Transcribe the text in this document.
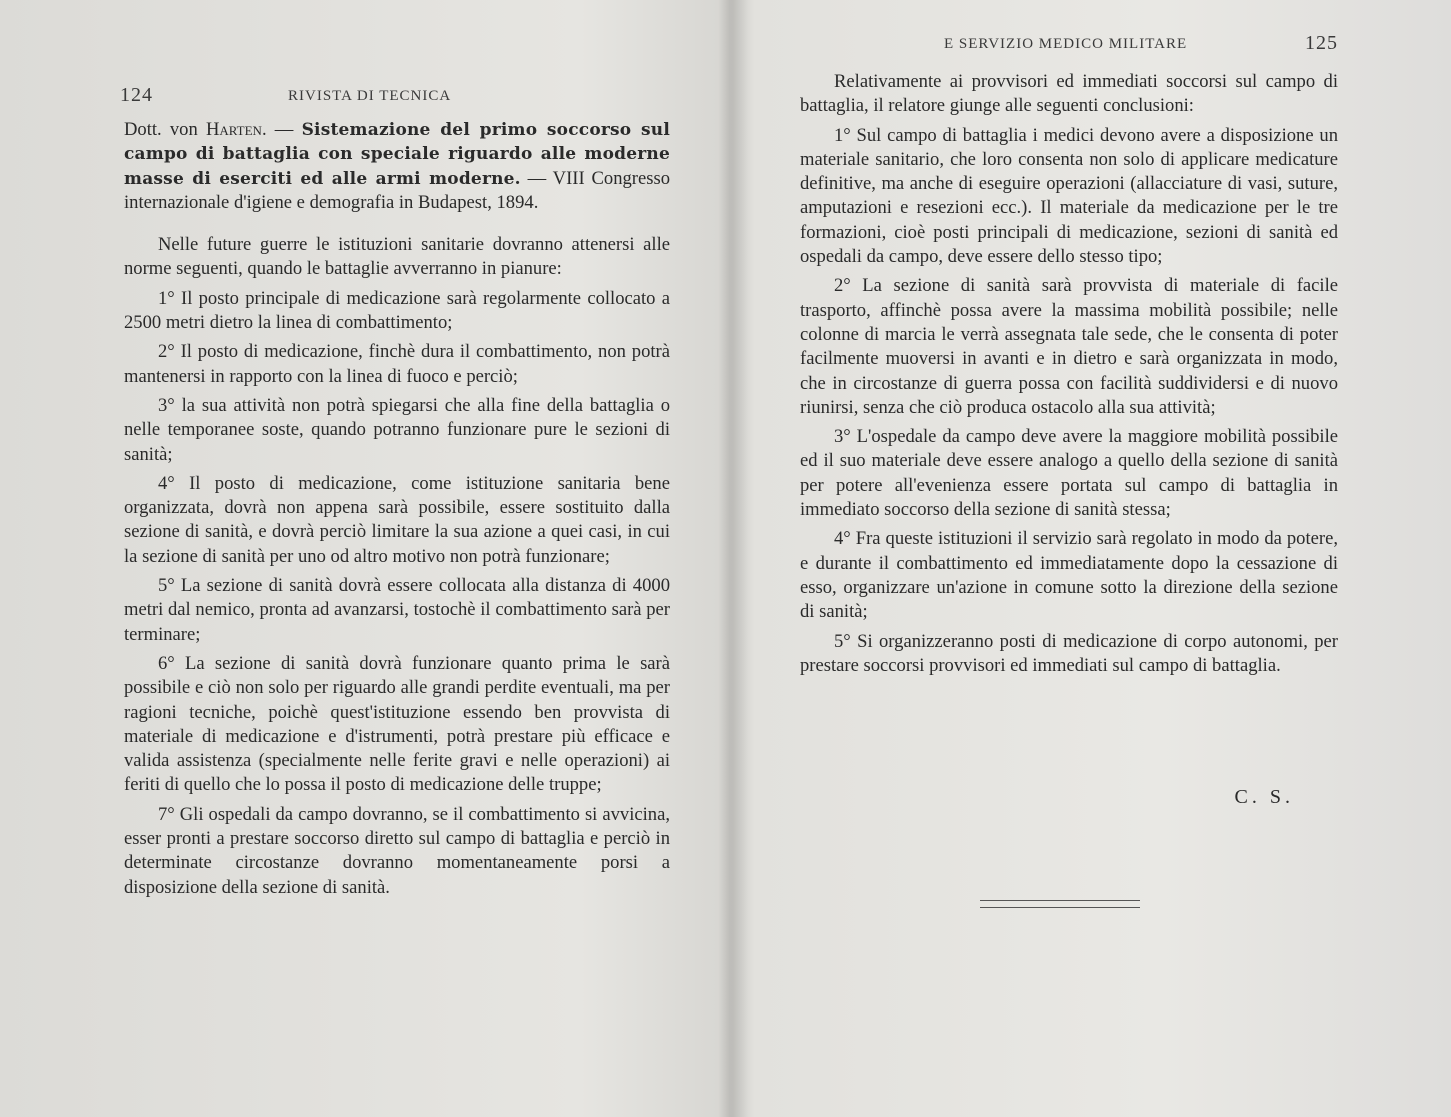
124	RIVISTA DI TECNICA

Dott. von Harten. — Sistemazione del primo soccorso sul campo di battaglia con speciale riguardo alle moderne masse di eserciti ed alle armi moderne. — VIII Congresso internazionale d'igiene e demografia in Budapest, 1894.

Nelle future guerre le istituzioni sanitarie dovranno attenersi alle norme seguenti, quando le battaglie avverranno in pianure:

1° Il posto principale di medicazione sarà regolarmente collocato a 2500 metri dietro la linea di combattimento;

2° Il posto di medicazione, finchè dura il combattimento, non potrà mantenersi in rapporto con la linea di fuoco e perciò;

3° la sua attività non potrà spiegarsi che alla fine della battaglia o nelle temporanee soste, quando potranno funzionare pure le sezioni di sanità;

4° Il posto di medicazione, come istituzione sanitaria bene organizzata, dovrà non appena sarà possibile, essere sostituito dalla sezione di sanità, e dovrà perciò limitare la sua azione a quei casi, in cui la sezione di sanità per uno od altro motivo non potrà funzionare;

5° La sezione di sanità dovrà essere collocata alla distanza di 4000 metri dal nemico, pronta ad avanzarsi, tostochè il combattimento sarà per terminare;

6° La sezione di sanità dovrà funzionare quanto prima le sarà possibile e ciò non solo per riguardo alle grandi perdite eventuali, ma per ragioni tecniche, poichè quest'istituzione essendo ben provvista di materiale di medicazione e d'istrumenti, potrà prestare più efficace e valida assistenza (specialmente nelle ferite gravi e nelle operazioni) ai feriti di quello che lo possa il posto di medicazione delle truppe;

7° Gli ospedali da campo dovranno, se il combattimento si avvicina, esser pronti a prestare soccorso diretto sul campo di battaglia e perciò in determinate circostanze dovranno momentaneamente porsi a disposizione della sezione di sanità.

E SERVIZIO MEDICO MILITARE	125

Relativamente ai provvisori ed immediati soccorsi sul campo di battaglia, il relatore giunge alle seguenti conclusioni:

1° Sul campo di battaglia i medici devono avere a disposizione un materiale sanitario, che loro consenta non solo di applicare medicature definitive, ma anche di eseguire operazioni (allacciature di vasi, suture, amputazioni e resezioni ecc.). Il materiale da medicazione per le tre formazioni, cioè posti principali di medicazione, sezioni di sanità ed ospedali da campo, deve essere dello stesso tipo;

2° La sezione di sanità sarà provvista di materiale di facile trasporto, affinchè possa avere la massima mobilità possibile; nelle colonne di marcia le verrà assegnata tale sede, che le consenta di poter facilmente muoversi in avanti e in dietro e sarà organizzata in modo, che in circostanze di guerra possa con facilità suddividersi e di nuovo riunirsi, senza che ciò produca ostacolo alla sua attività;

3° L'ospedale da campo deve avere la maggiore mobilità possibile ed il suo materiale deve essere analogo a quello della sezione di sanità per potere all'evenienza essere portata sul campo di battaglia in immediato soccorso della sezione di sanità stessa;

4° Fra queste istituzioni il servizio sarà regolato in modo da potere, e durante il combattimento ed immediatamente dopo la cessazione di esso, organizzare un'azione in comune sotto la direzione della sezione di sanità;

5° Si organizzeranno posti di medicazione di corpo autonomi, per prestare soccorsi provvisori ed immediati sul campo di battaglia.

C. S.
